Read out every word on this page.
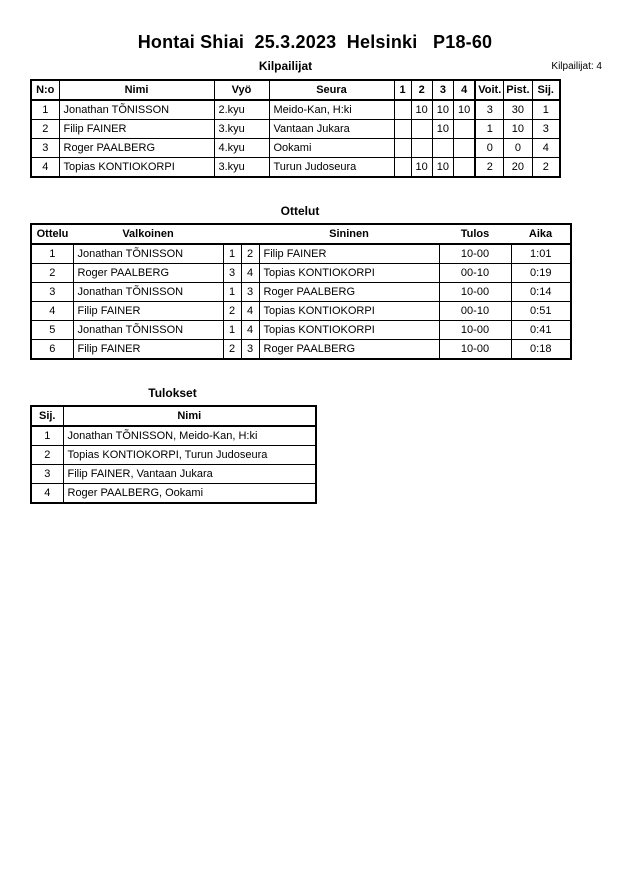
Hontai Shiai  25.3.2023  Helsinki   P18-60
Kilpailijat	Kilpailijat: 4
N:o	Nimi	Vyö	Seura	1	2	3	4	Voit.	Pist.	Sij.
1	Jonathan TÕNISSON	2.kyu	Meido-Kan, H:ki		10	10	10	3	30	1
2	Filip FAINER	3.kyu	Vantaan Jukara			10		1	10	3
3	Roger PAALBERG	4.kyu	Ookami					0	0	4
4	Topias KONTIOKORPI	3.kyu	Turun Judoseura		10	10		2	20	2
Ottelut
Ottelu	Valkoinen			Sininen	Tulos	Aika
1	Jonathan TÕNISSON	1	2	Filip FAINER	10-00	1:01
2	Roger PAALBERG	3	4	Topias KONTIOKORPI	00-10	0:19
3	Jonathan TÕNISSON	1	3	Roger PAALBERG	10-00	0:14
4	Filip FAINER	2	4	Topias KONTIOKORPI	00-10	0:51
5	Jonathan TÕNISSON	1	4	Topias KONTIOKORPI	10-00	0:41
6	Filip FAINER	2	3	Roger PAALBERG	10-00	0:18
Tulokset
Sij.	Nimi
1	Jonathan TÕNISSON, Meido-Kan, H:ki
2	Topias KONTIOKORPI, Turun Judoseura
3	Filip FAINER, Vantaan Jukara
4	Roger PAALBERG, Ookami
